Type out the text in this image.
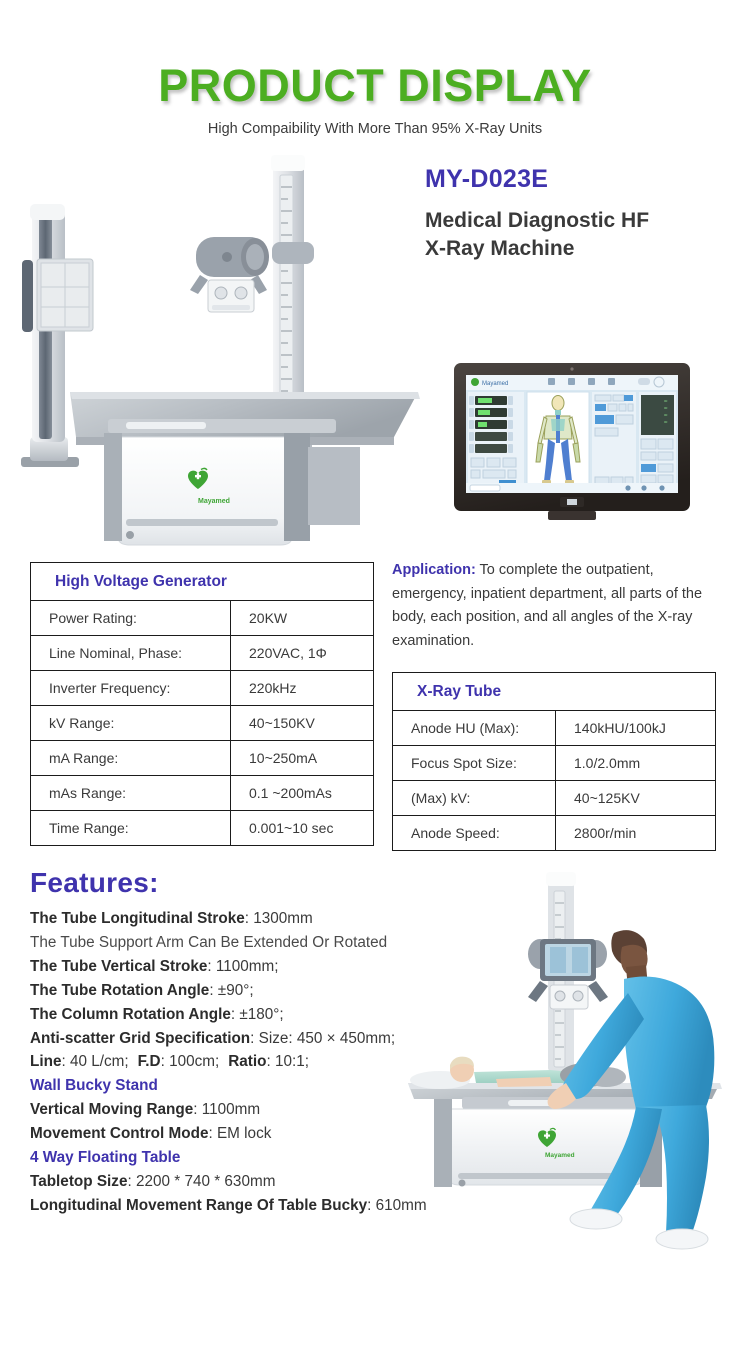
PRODUCT DISPLAY
High Compaibility With More Than 95% X-Ray Units
Mayamed
Mayamed
00
00
00
00
MY-D023E
Medical Diagnostic HF
X-Ray Machine
High Voltage Generator	
Power Rating:	20KW
Line Nominal, Phase:	220VAC, 1Φ
Inverter Frequency:	220kHz
kV Range:	40~150KV
mA Range:	10~250mA
mAs Range:	0.1 ~200mAs
Time Range:	0.001~10 sec
Application: To complete the outpatient, emergency, inpatient department, all parts of the body, each position, and all angles of the X-ray examination.
X-Ray Tube	
Anode HU (Max):	140kHU/100kJ
Focus Spot Size:	1.0/2.0mm
(Max) kV:	40~125KV
Anode Speed:	2800r/min
Features:
The Tube Longitudinal Stroke: 1300mm
The Tube Support Arm Can Be Extended Or Rotated
The Tube Vertical Stroke: 1100mm;
The Tube Rotation Angle: ±90°;
The Column Rotation Angle: ±180°;
Anti-scatter Grid Specification: Size: 450 × 450mm;
Line: 40 L/cm; F.D: 100cm; Ratio: 10:1;
Wall Bucky Stand
Vertical Moving Range: 1100mm
Movement Control Mode: EM lock
4 Way Floating Table
Tabletop Size: 2200 * 740 * 630mm
Longitudinal Movement Range Of Table Bucky: 610mm
Mayamed
